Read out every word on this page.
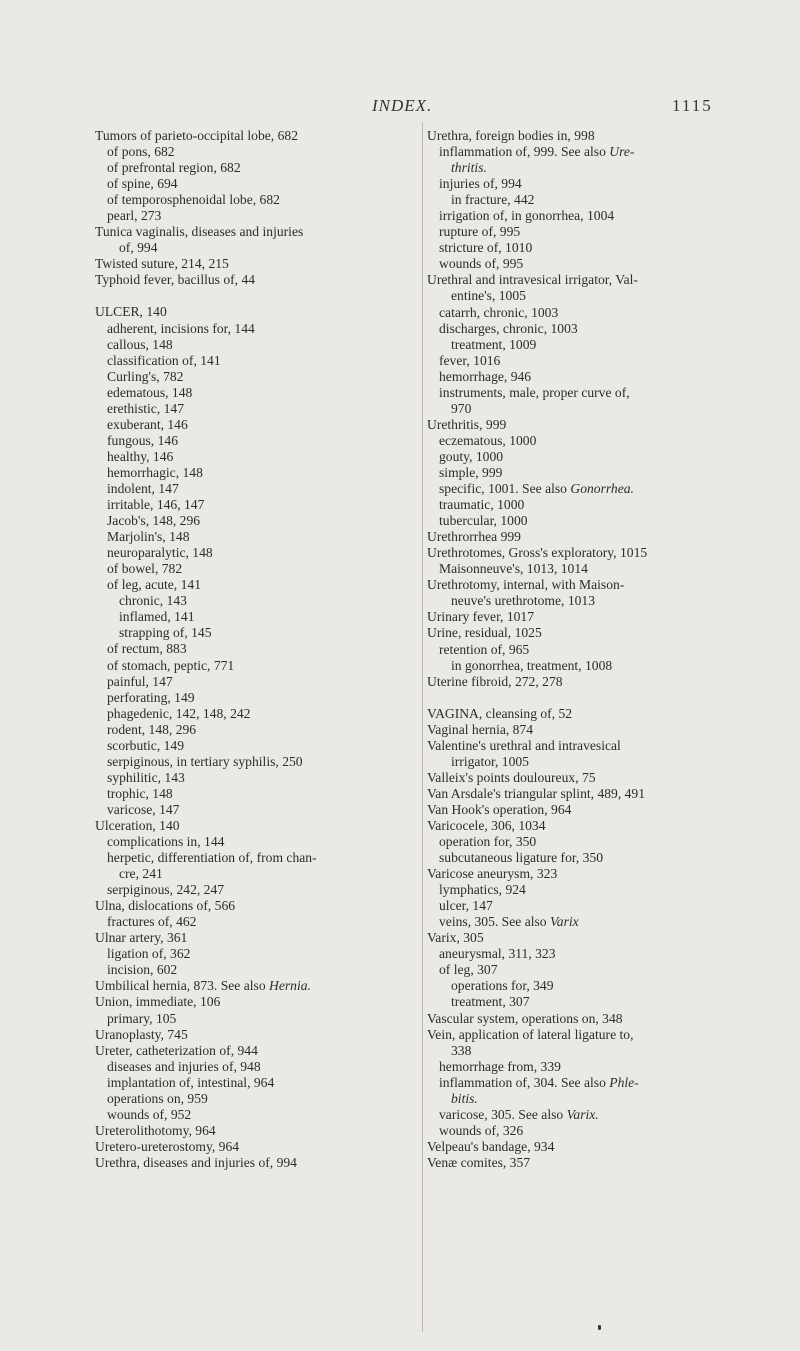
INDEX.	1115
Tumors of parieto-occipital lobe, 682
of pons, 682
of prefrontal region, 682
of spine, 694
of temporosphenoidal lobe, 682
pearl, 273
Tunica vaginalis, diseases and injuries
of, 994
Twisted suture, 214, 215
Typhoid fever, bacillus of, 44
ULCER, 140
adherent, incisions for, 144
callous, 148
classification of, 141
Curling's, 782
edematous, 148
erethistic, 147
exuberant, 146
fungous, 146
healthy, 146
hemorrhagic, 148
indolent, 147
irritable, 146, 147
Jacob's, 148, 296
Marjolin's, 148
neuroparalytic, 148
of bowel, 782
of leg, acute, 141
chronic, 143
inflamed, 141
strapping of, 145
of rectum, 883
of stomach, peptic, 771
painful, 147
perforating, 149
phagedenic, 142, 148, 242
rodent, 148, 296
scorbutic, 149
serpiginous, in tertiary syphilis, 250
syphilitic, 143
trophic, 148
varicose, 147
Ulceration, 140
complications in, 144
herpetic, differentiation of, from chan-
cre, 241
serpiginous, 242, 247
Ulna, dislocations of, 566
fractures of, 462
Ulnar artery, 361
ligation of, 362
incision, 602
Umbilical hernia, 873. See also Hernia.
Union, immediate, 106
primary, 105
Uranoplasty, 745
Ureter, catheterization of, 944
diseases and injuries of, 948
implantation of, intestinal, 964
operations on, 959
wounds of, 952
Ureterolithotomy, 964
Uretero-ureterostomy, 964
Urethra, diseases and injuries of, 994
Urethra, foreign bodies in, 998
inflammation of, 999. See also Ure-
thritis.
injuries of, 994
in fracture, 442
irrigation of, in gonorrhea, 1004
rupture of, 995
stricture of, 1010
wounds of, 995
Urethral and intravesical irrigator, Val-
entine's, 1005
catarrh, chronic, 1003
discharges, chronic, 1003
treatment, 1009
fever, 1016
hemorrhage, 946
instruments, male, proper curve of,
970
Urethritis, 999
eczematous, 1000
gouty, 1000
simple, 999
specific, 1001. See also Gonorrhea.
traumatic, 1000
tubercular, 1000
Urethrorrhea 999
Urethrotomes, Gross's exploratory, 1015
Maisonneuve's, 1013, 1014
Urethrotomy, internal, with Maison-
neuve's urethrotome, 1013
Urinary fever, 1017
Urine, residual, 1025
retention of, 965
in gonorrhea, treatment, 1008
Uterine fibroid, 272, 278
VAGINA, cleansing of, 52
Vaginal hernia, 874
Valentine's urethral and intravesical
irrigator, 1005
Valleix's points douloureux, 75
Van Arsdale's triangular splint, 489, 491
Van Hook's operation, 964
Varicocele, 306, 1034
operation for, 350
subcutaneous ligature for, 350
Varicose aneurysm, 323
lymphatics, 924
ulcer, 147
veins, 305. See also Varix
Varix, 305
aneurysmal, 311, 323
of leg, 307
operations for, 349
treatment, 307
Vascular system, operations on, 348
Vein, application of lateral ligature to,
338
hemorrhage from, 339
inflammation of, 304. See also Phle-
bitis.
varicose, 305. See also Varix.
wounds of, 326
Velpeau's bandage, 934
Venæ comites, 357
